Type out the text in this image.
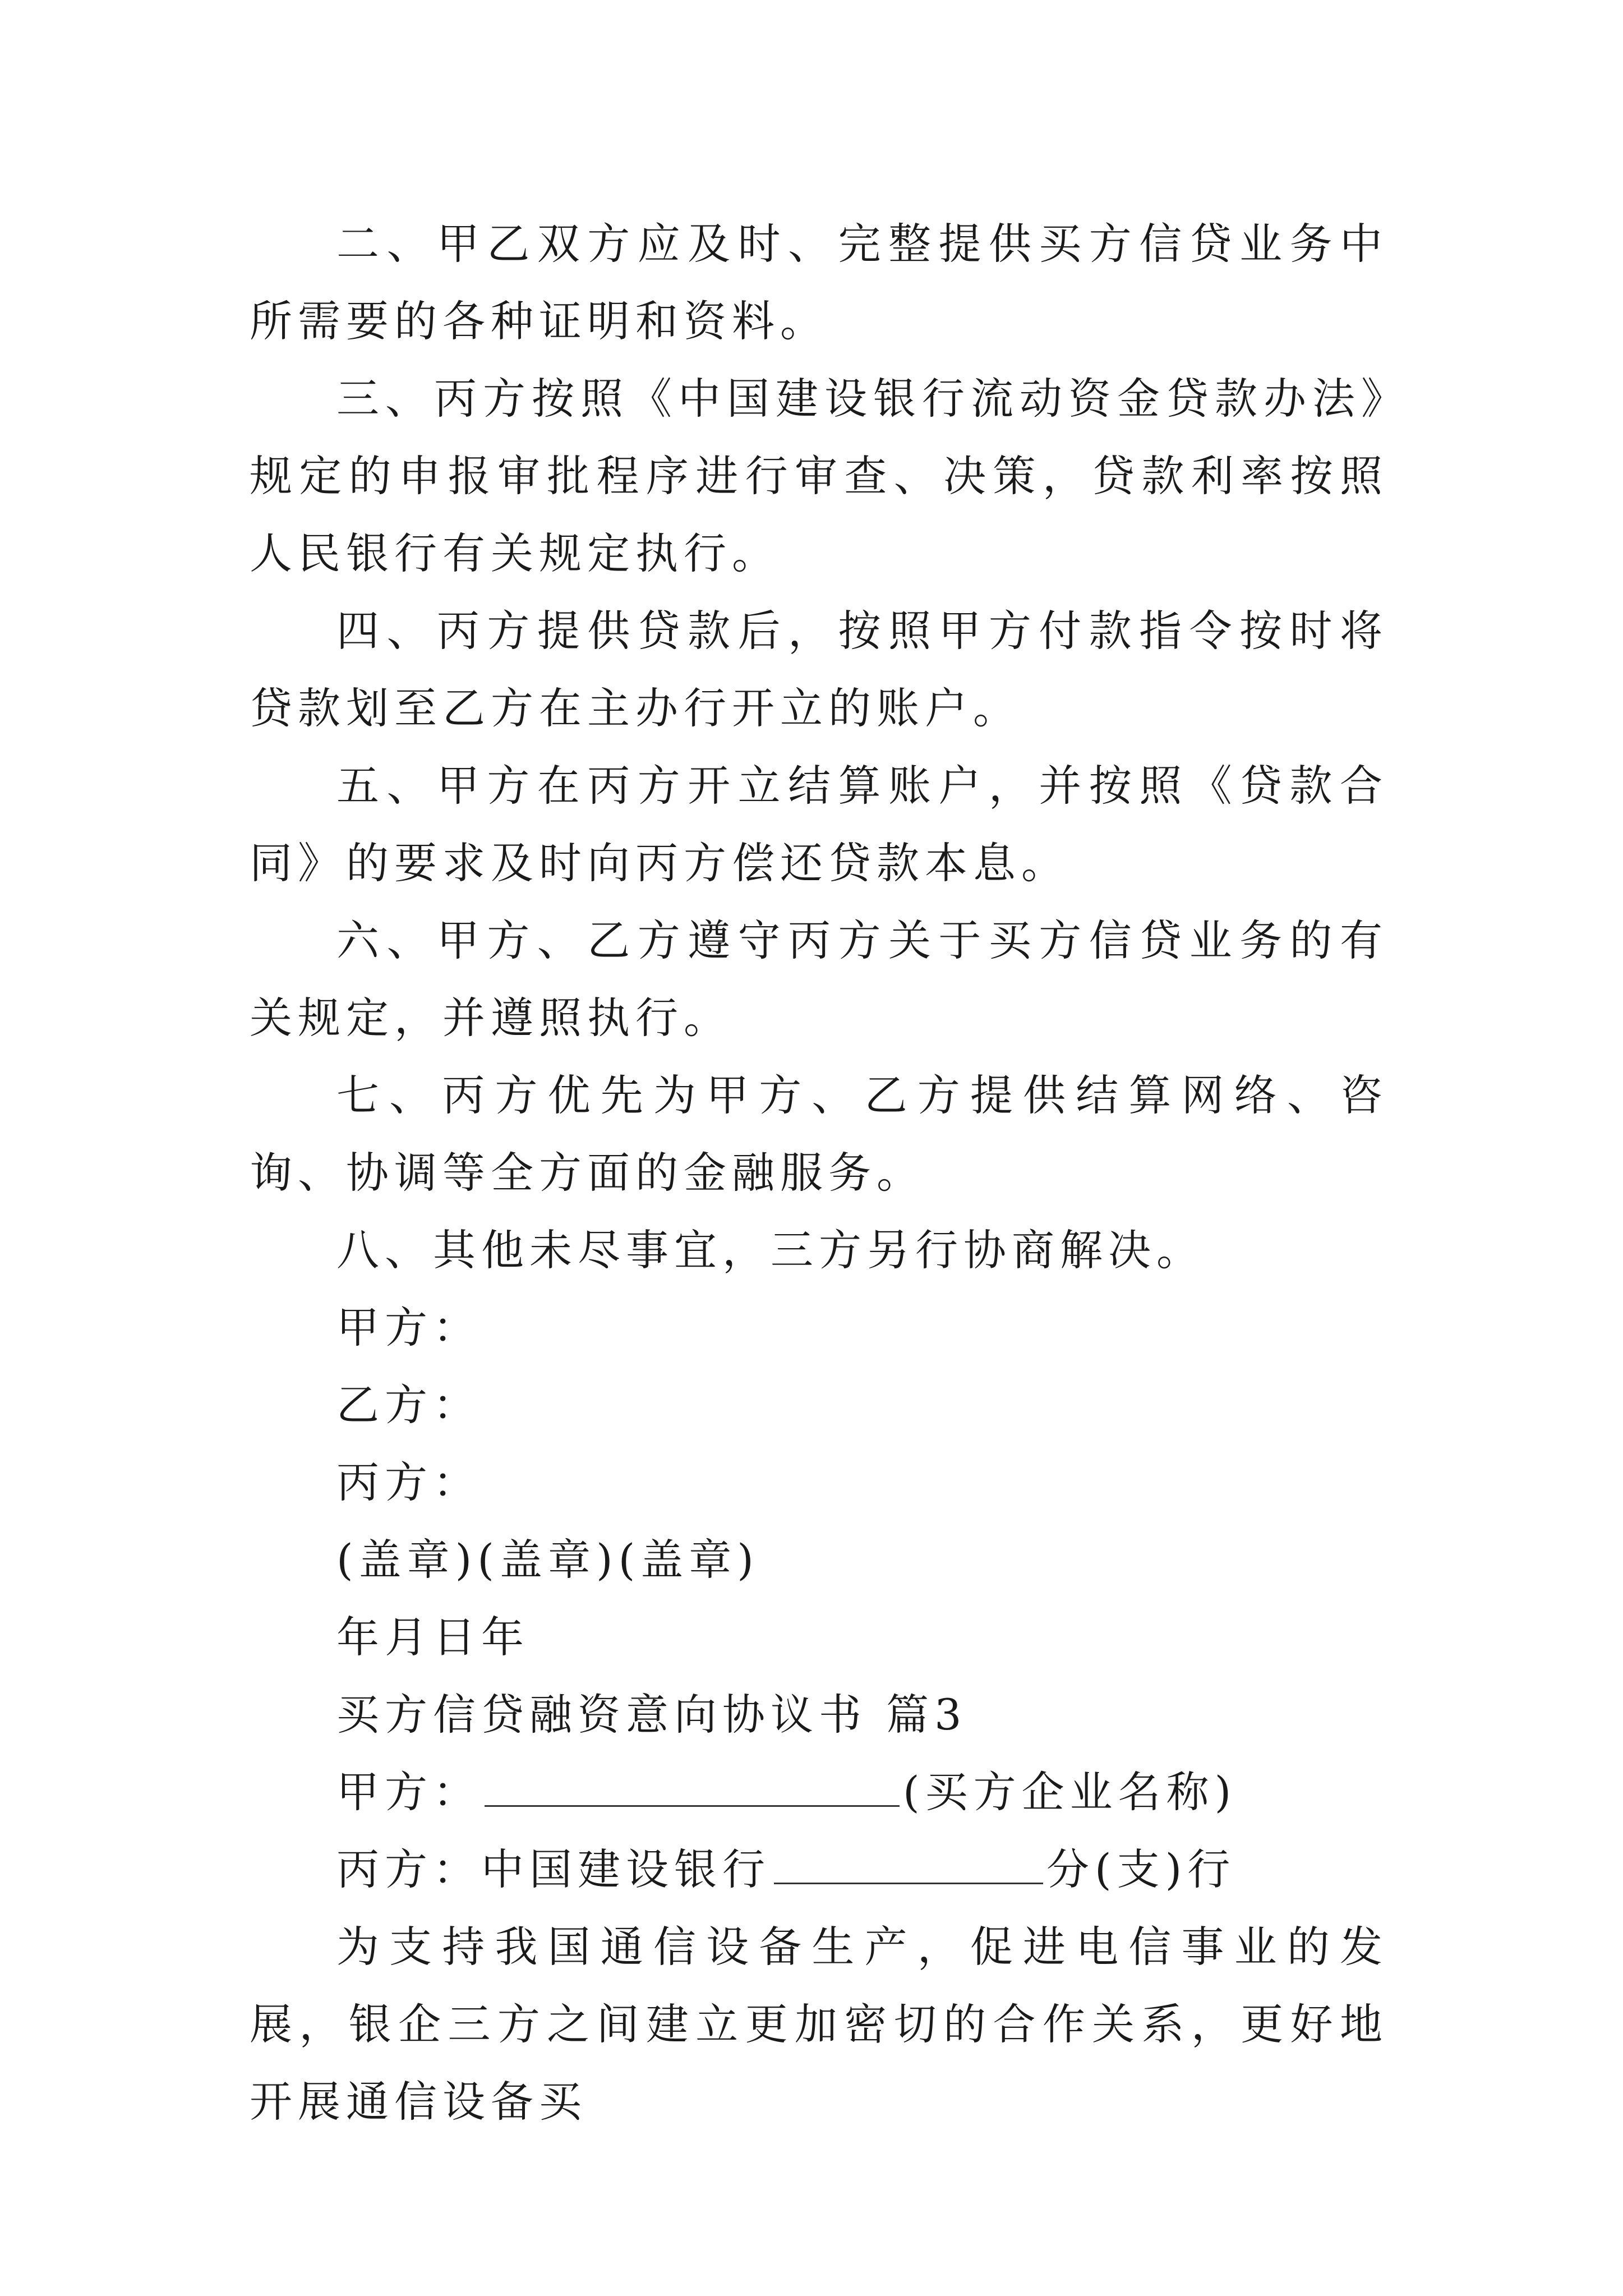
二、甲乙双方应及时、完整提供买方信贷业务中所需要的各种证明和资料。

三、丙方按照《中国建设银行流动资金贷款办法》规定的申报审批程序进行审查、决策，贷款利率按照人民银行有关规定执行。

四、丙方提供贷款后，按照甲方付款指令按时将贷款划至乙方在主办行开立的账户。

五、甲方在丙方开立结算账户，并按照《贷款合同》的要求及时向丙方偿还贷款本息。

六、甲方、乙方遵守丙方关于买方信贷业务的有关规定，并遵照执行。

七、丙方优先为甲方、乙方提供结算网络、咨询、协调等全方面的金融服务。

八、其他未尽事宜，三方另行协商解决。

甲方：

乙方：

丙方：

(盖章)(盖章)(盖章)

年月日年

买方信贷融资意向协议书 篇3

甲方：	(买方企业名称)

丙方：中国建设银行	分(支)行

为支持我国通信设备生产，促进电信事业的发展，银企三方之间建立更加密切的合作关系，更好地开展通信设备买
